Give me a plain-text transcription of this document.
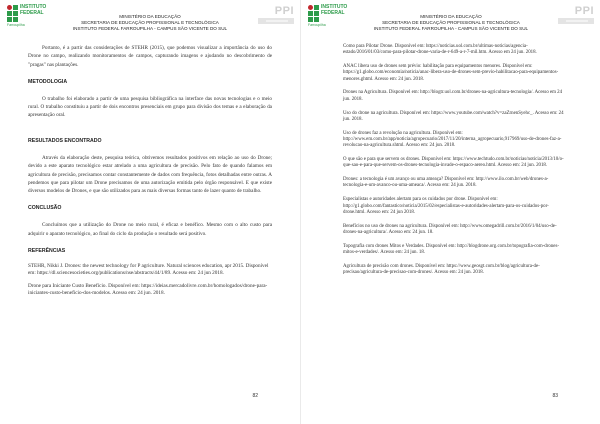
INSTITUTO
FEDERAL
Farroupilha
MINISTÉRIO DA EDUCAÇÃO
SECRETARIA DE EDUCAÇÃO PROFISSIONAL E TECNOLÓGICA
INSTITUTO FEDERAL FARROUPILHA - CAMPUS SÃO VICENTE DO SUL
PPI

Portanto, é a partir das considerações de STEHR (2015), que podemos visualizar a importância do uso do Drone no campo, realizando monitoramentos de campos, capturando imagens e ajudando no descobrimento de "pragas" nas plantações.

METODOLOGIA

O trabalho foi elaborado a partir de uma pesquisa bibliográfica na interface das novas tecnologias e o meio rural. O trabalho constituiu a partir de dois encontros presenciais em grupo para divisão dos temas e a elaboração da apresentação oral.

RESULTADOS ENCONTRADO

Através da elaboração deste, pesquisa teórica, obtivemos resultados positivos em relação ao uso do Drone; devido a este aparato tecnológico estar atrelado a uma agricultura de precisão. Pelo fato de quando falamos em agricultura de precisão, precisamos contar constantemente de dados com frequência, fotos detalhadas entre outras. A pendemos que para pilotar um Drone precisamos de uma autorização emitida pelo órgão responsável. E que existe diversos modelos de Drones, e que são utilizados para as mais diversas formas tanto de lazer quanto de trabalho.

CONCLUSÃO

Concluímos que a utilização do Drone no meio rural, é eficaz e benéfico. Mesmo com o alto custo para adquirir o aparato tecnológico, ao final do ciclo da produção o resultado será positivo.

REFERÊNCIAS

STEHR, Nikki J. Drones: the newest technology for P agriculture. Natural sciences education, apr 2015. Disponível em: https://dl.sciencesocieties.org/publications/nse/abstracts/44/1/89. Acesso em: 24 jun 2018.

Drone para Iniciante Custo Benefício. Disponível em: https://ideias.mercadolivre.com.br/homologados/drone-para-iniciantes-custo-beneficio-dos-modelos. Acesso em: 24 jun. 2018.

82
INSTITUTO
FEDERAL
Farroupilha
MINISTÉRIO DA EDUCAÇÃO
SECRETARIA DE EDUCAÇÃO PROFISSIONAL E TECNOLÓGICA
INSTITUTO FEDERAL FARROUPILHA - CAMPUS SÃO VICENTE DO SUL
PPI

Como para Pilotar Drone. Disponível em: https://noticias.uol.com.br/ultimas-noticias/agencia-estado/2016/01/03/como-para-pilotar-drone-varia-de-r-649-a-r-7-mil.htm. Acesso em 24 jun. 2018.

ANAC libera uso de drones sem prévio: habilitação para equipamentos menores. Disponível em: https://g1.globo.com/economia/noticia/anac-libera-uso-de-drones-sem-previo-habilitacao-para-equipamentos-menores.ghtml. Acesso em: 24 jun. 2018.

Drones na Agricultura. Disponível em: http://blogtr.uol.com.br/drones-na-agricultura-tecnologia/. Acesso em 24 jun. 2018.

Uso do drone na agricultura. Disponível em: https://www.youtube.com/watch?v=zaZrnenSyehc_. Acesso em: 24 jun. 2018.

Uso de drones faz a revolução na agricultura. Disponível em: http://www.em.com.br/app/noticia/agropecuario/2017/11/20/interna_agropecuario,917969/uso-de-drones-faz-a-revolucao-na-agricultura.shtml. Acesso em: 24 jun. 2018.

O que são e para que servem os drones. Disponível em: https://www.techtudo.com.br/noticias/noticia/2013/10/o-que-sao-e-para-que-servem-os-drones-tecnologia-invade-o-espaco-aereo.html. Acesso em: 24 jun. 2018.

Drones: a tecnologia é um avanço ou uma ameaça? Disponível em: http://www.ilo.com.br/web/drones-a-tecnologia-e-um-avanco-ou-uma-ameaca/. Acesso em: 24 jun. 2018.

Especialistas e autoridades alertam para os cuidados por drone. Disponível em: http://g1.globo.com/fantastico/noticia/2015/02/especialistas-e-autoridades-alertam-para-os-cuidados-por-drone.html. Acesso em: 24 jun 2018.

Benefícios no uso de drones na agricultura. Disponível em: http://www.omegadrill.com.br/2016/1/04/uso-de-drones-na-agricultura/. Acesso em: 24 jun. 18.

Topografia com drones Mitos e Verdades. Disponível em: http://blogdrone.org.com.br/topografia-com-drones-mitos-e-verdades/. Acesso em: 24 jun. 18.

Agricultura de precisão com drones. Disponível em: https://www.geosgt.com.br/blog/agricultura-de-precisao/agricultura-de-precisao-com-drones/. Acesso em: 24 jun. 2018.

83
